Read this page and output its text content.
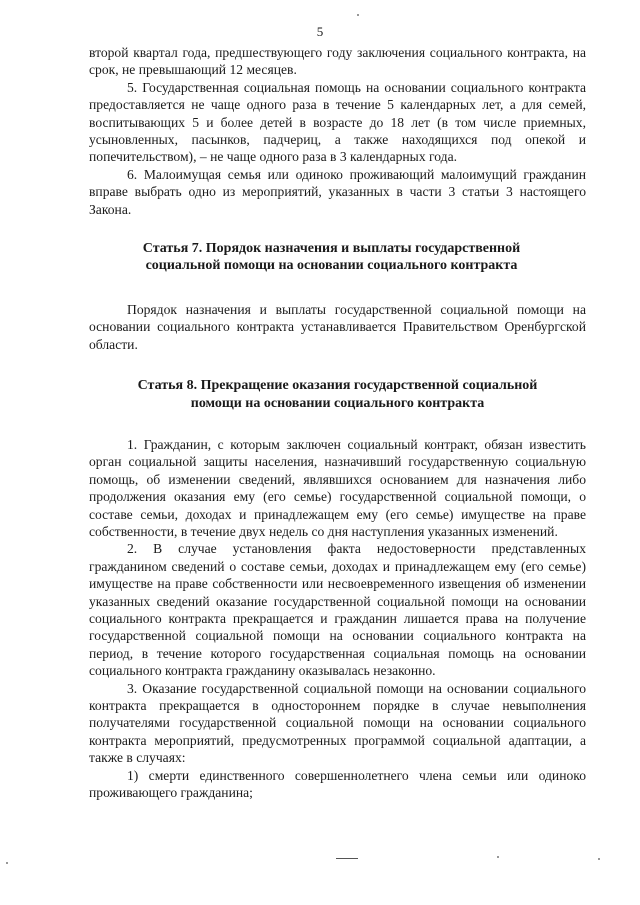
5

второй квартал года, предшествующего году заключения социального контракта, на срок, не превышающий 12 месяцев.

5. Государственная социальная помощь на основании социального контракта предоставляется не чаще одного раза в течение 5 календарных лет, а для семей, воспитывающих 5 и более детей в возрасте до 18 лет (в том числе приемных, усыновленных, пасынков, падчериц, а также находящихся под опекой и попечительством), – не чаще одного раза в 3 календарных года.

6. Малоимущая семья или одиноко проживающий малоимущий гражданин вправе выбрать одно из мероприятий, указанных в части 3 статьи 3 настоящего Закона.

Статья 7. Порядок назначения и выплаты государственной социальной помощи на основании социального контракта

Порядок назначения и выплаты государственной социальной помощи на основании социального контракта устанавливается Правительством Оренбургской области.

Статья 8. Прекращение оказания государственной социальной помощи на основании социального контракта

1. Гражданин, с которым заключен социальный контракт, обязан известить орган социальной защиты населения, назначивший государственную социальную помощь, об изменении сведений, являвшихся основанием для назначения либо продолжения оказания ему (его семье) государственной социальной помощи, о составе семьи, доходах и принадлежащем ему (его семье) имуществе на праве собственности, в течение двух недель со дня наступления указанных изменений.

2. В случае установления факта недостоверности представленных гражданином сведений о составе семьи, доходах и принадлежащем ему (его семье) имуществе на праве собственности или несвоевременного извещения об изменении указанных сведений оказание государственной социальной помощи на основании социального контракта прекращается и гражданин лишается права на получение государственной социальной помощи на основании социального контракта на период, в течение которого государственная социальная помощь на основании социального контракта гражданину оказывалась незаконно.

3. Оказание государственной социальной помощи на основании социального контракта прекращается в одностороннем порядке в случае невыполнения получателями государственной социальной помощи на основании социального контракта мероприятий, предусмотренных программой социальной адаптации, а также в случаях:

1) смерти единственного совершеннолетнего члена семьи или одиноко проживающего гражданина;
